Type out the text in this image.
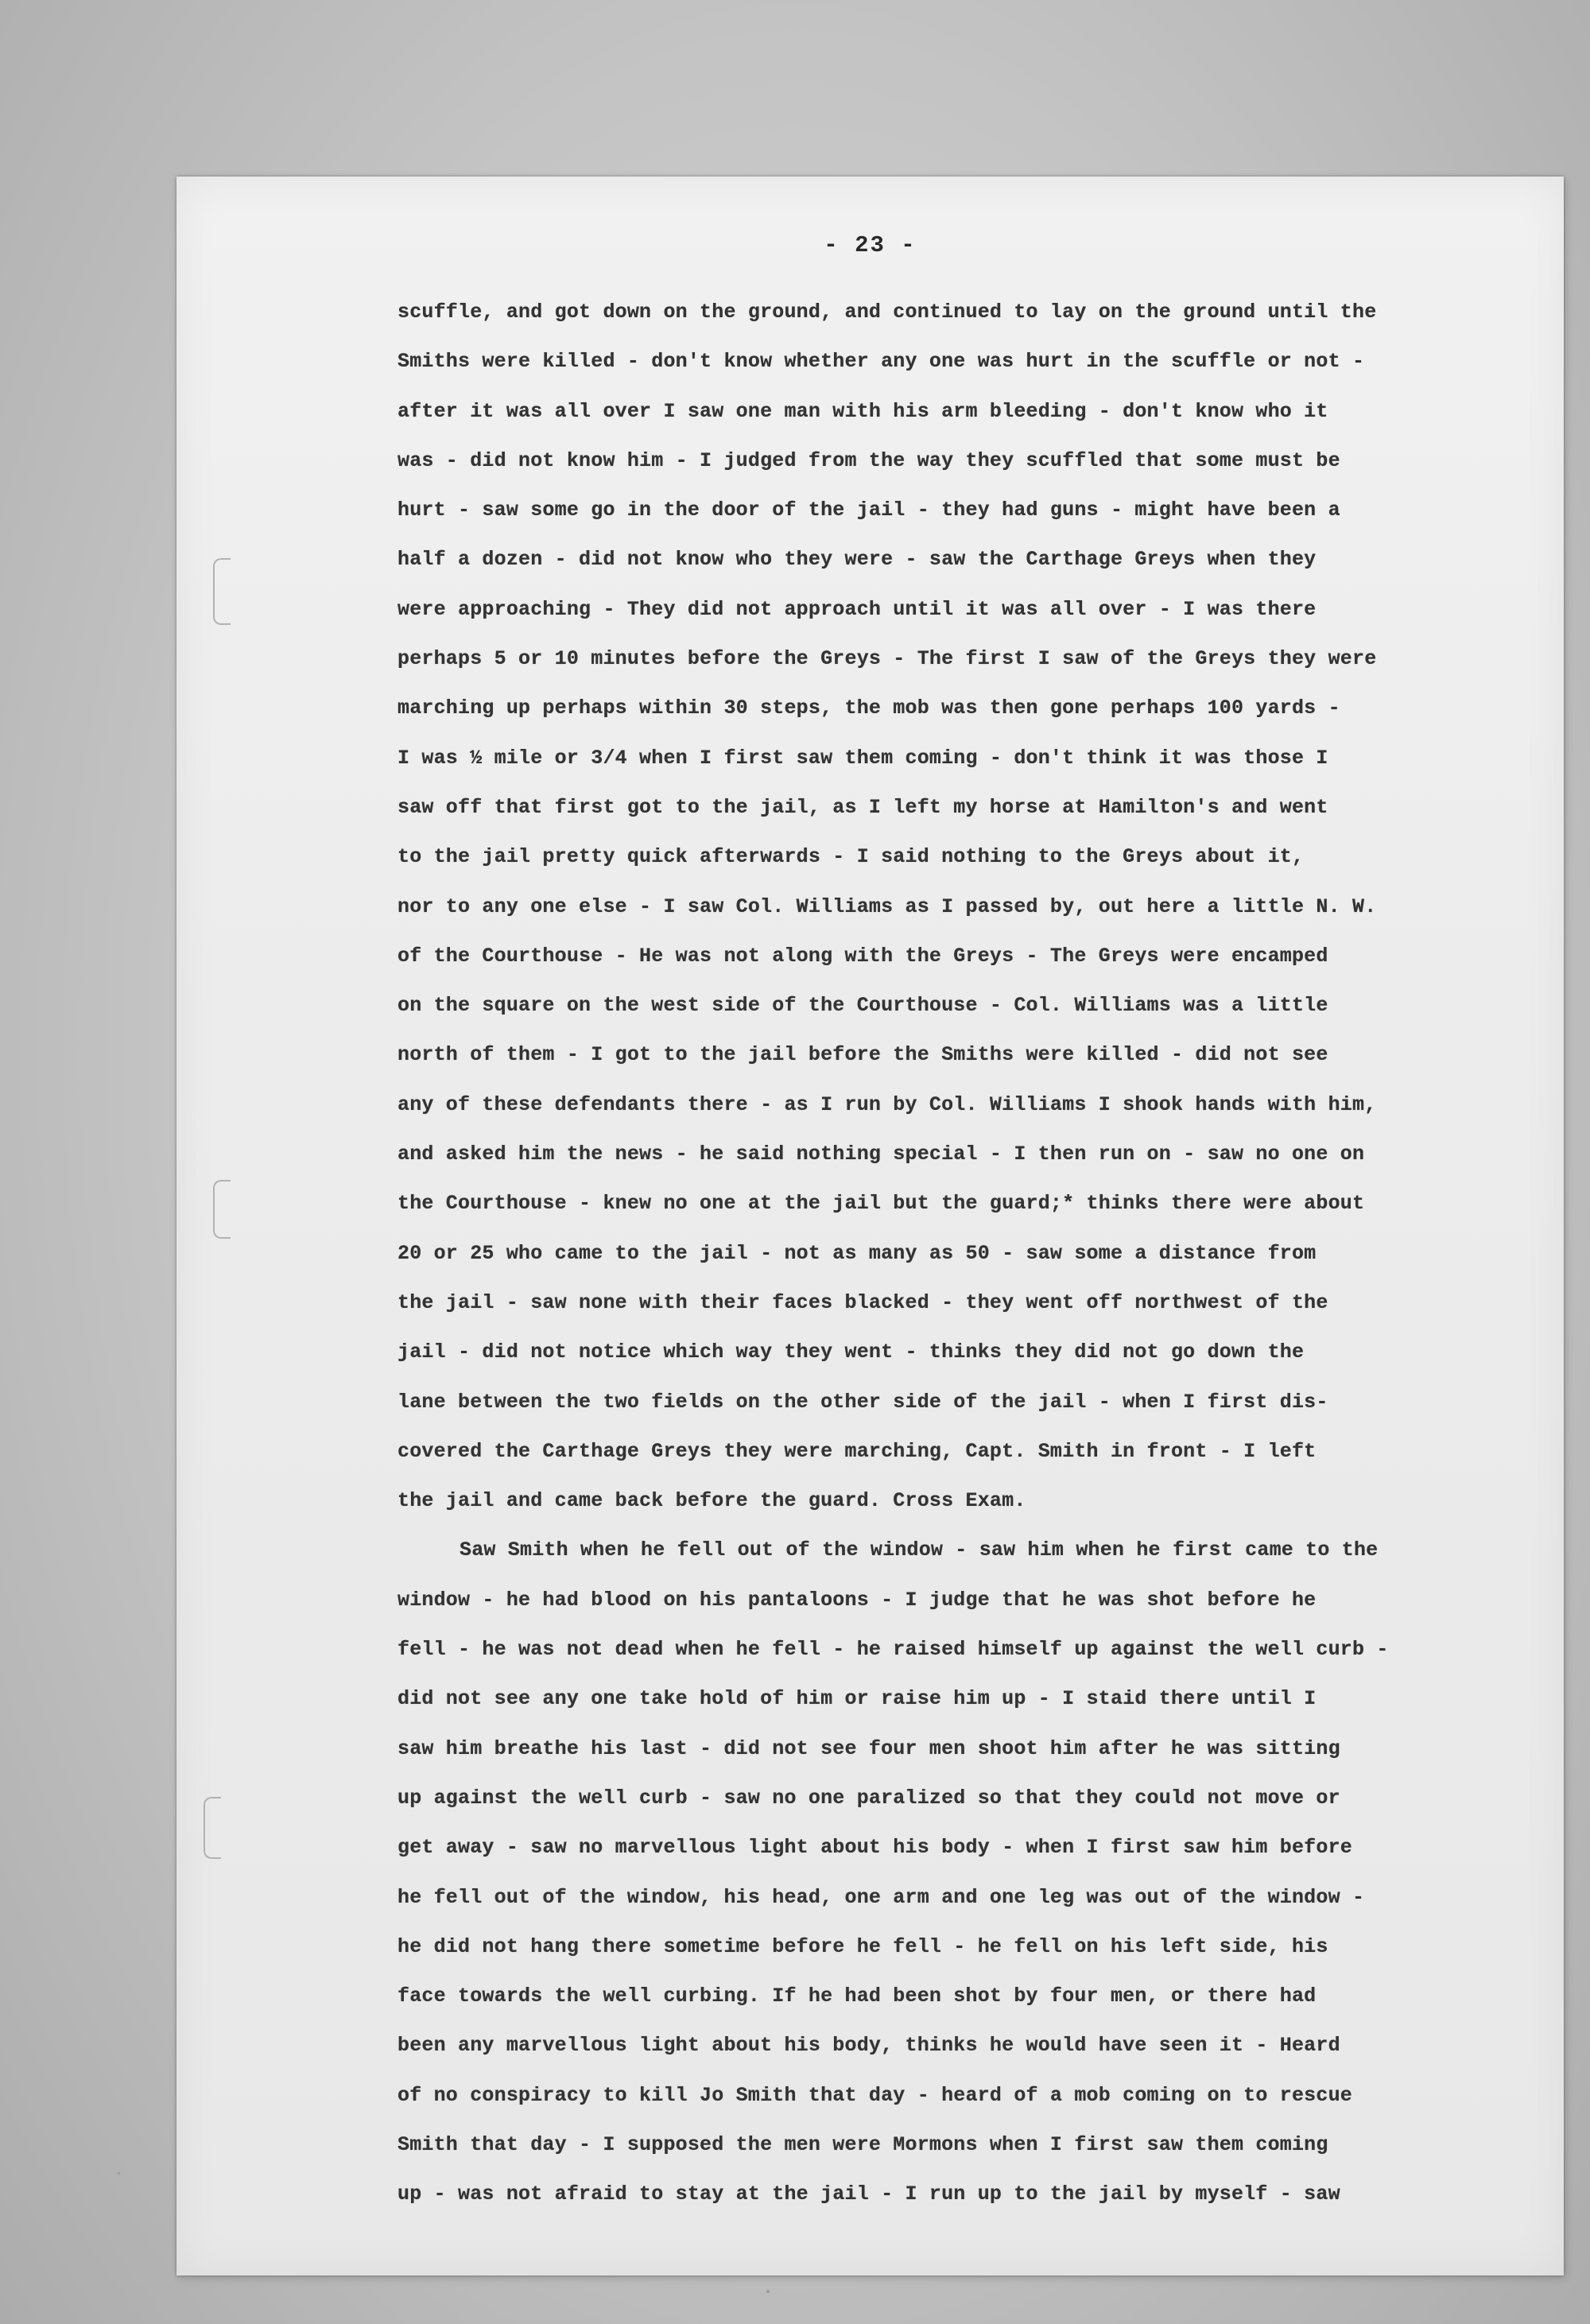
- 23 -
scuffle, and got down on the ground, and continued to lay on the ground until the
Smiths were killed - don't know whether any one was hurt in the scuffle or not -
after it was all over I saw one man with his arm bleeding - don't know who it
was - did not know him - I judged from the way they scuffled that some must be
hurt - saw some go in the door of the jail - they had guns - might have been a
half a dozen - did not know who they were - saw the Carthage Greys when they
were approaching - They did not approach until it was all over - I was there
perhaps 5 or 10 minutes before the Greys - The first I saw of the Greys they were
marching up perhaps within 30 steps, the mob was then gone perhaps 100 yards -
I was ½ mile or 3/4 when I first saw them coming - don't think it was those I
saw off that first got to the jail, as I left my horse at Hamilton's and went
to the jail pretty quick afterwards - I said nothing to the Greys about it,
nor to any one else - I saw Col. Williams as I passed by, out here a little N. W.
of the Courthouse - He was not along with the Greys - The Greys were encamped
on the square on the west side of the Courthouse - Col. Williams was a little
north of them - I got to the jail before the Smiths were killed - did not see
any of these defendants there - as I run by Col. Williams I shook hands with him,
and asked him the news - he said nothing special - I then run on - saw no one on
the Courthouse - knew no one at the jail but the guard;* thinks there were about
20 or 25 who came to the jail - not as many as 50 - saw some a distance from
the jail - saw none with their faces blacked - they went off northwest of the
jail - did not notice which way they went - thinks they did not go down the
lane between the two fields on the other side of the jail - when I first dis-
covered the Carthage Greys they were marching, Capt. Smith in front - I left
the jail and came back before the guard. Cross Exam.
Saw Smith when he fell out of the window - saw him when he first came to the
window - he had blood on his pantaloons - I judge that he was shot before he
fell - he was not dead when he fell - he raised himself up against the well curb -
did not see any one take hold of him or raise him up - I staid there until I
saw him breathe his last - did not see four men shoot him after he was sitting
up against the well curb - saw no one paralized so that they could not move or
get away - saw no marvellous light about his body - when I first saw him before
he fell out of the window, his head, one arm and one leg was out of the window -
he did not hang there sometime before he fell - he fell on his left side, his
face towards the well curbing. If he had been shot by four men, or there had
been any marvellous light about his body, thinks he would have seen it - Heard
of no conspiracy to kill Jo Smith that day - heard of a mob coming on to rescue
Smith that day - I supposed the men were Mormons when I first saw them coming
up - was not afraid to stay at the jail - I run up to the jail by myself - saw
